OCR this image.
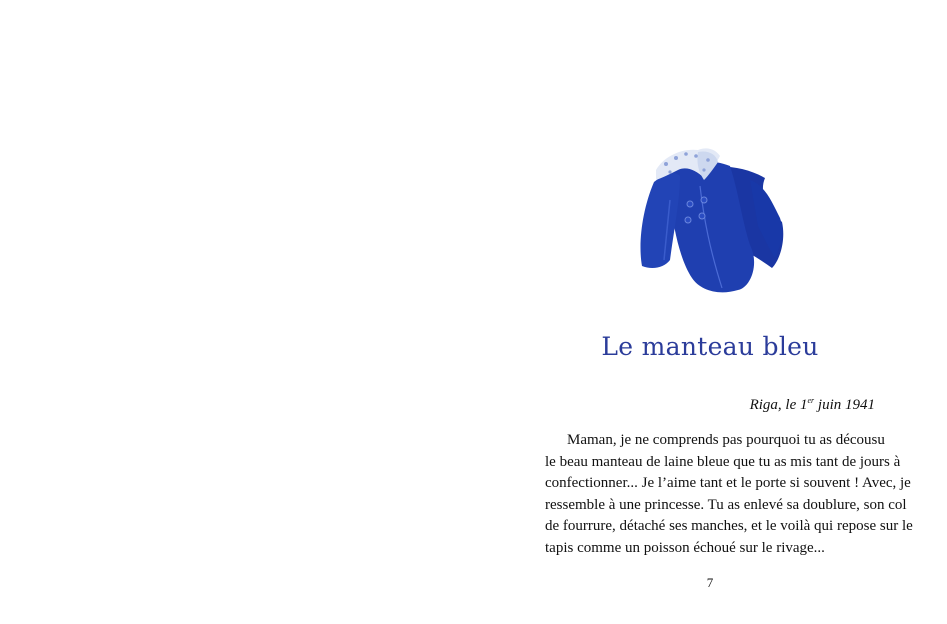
Le manteau bleu
Riga, le 1er juin 1941

Maman, je ne comprends pas pourquoi tu as décousu
le beau manteau de laine bleue que tu as mis tant de jours à
confectionner... Je l’aime tant et le porte si souvent ! Avec, je
ressemble à une princesse. Tu as enlevé sa doublure, son col
de fourrure, détaché ses manches, et le voilà qui repose sur le
tapis comme un poisson échoué sur le rivage...

7
